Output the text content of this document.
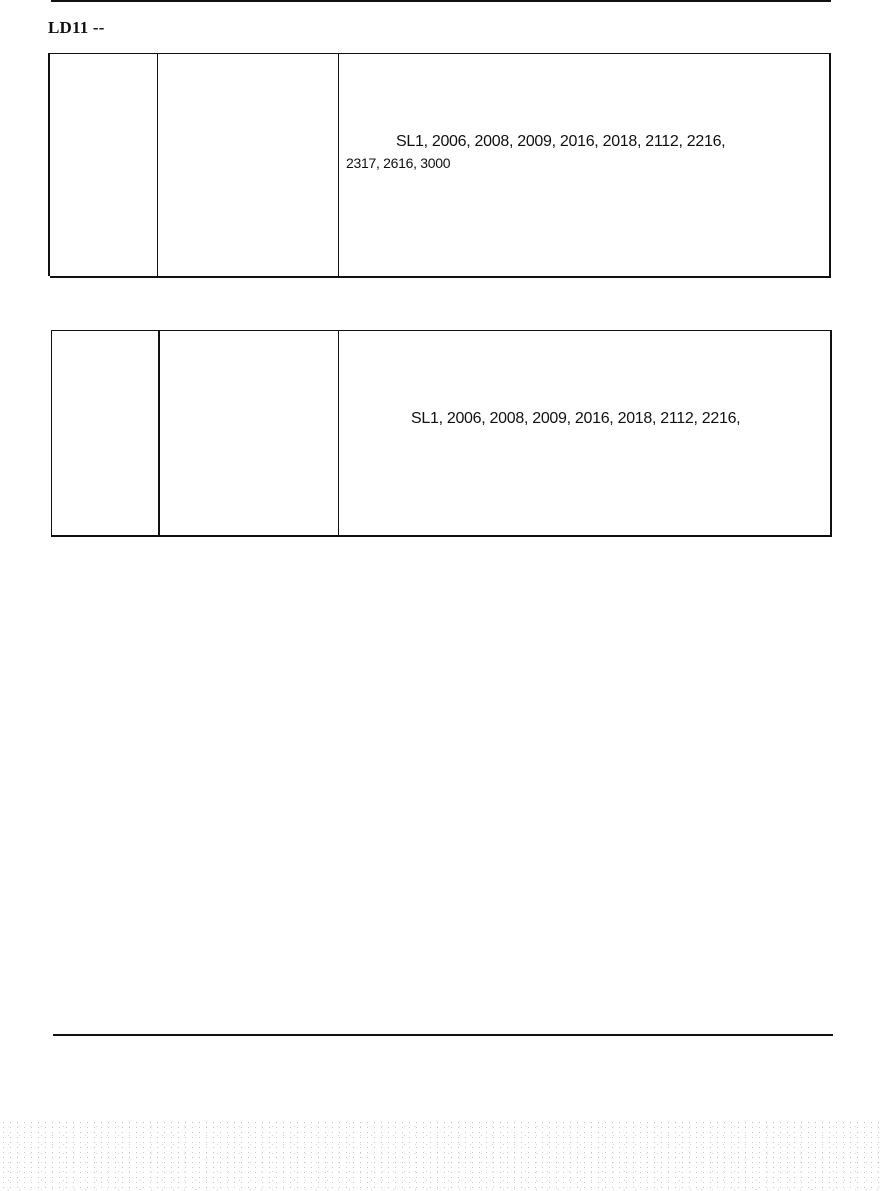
LD11 --
SL1, 2006, 2008, 2009, 2016, 2018, 2112, 2216,
2317, 2616, 3000
SL1, 2006, 2008, 2009, 2016, 2018, 2112, 2216,
